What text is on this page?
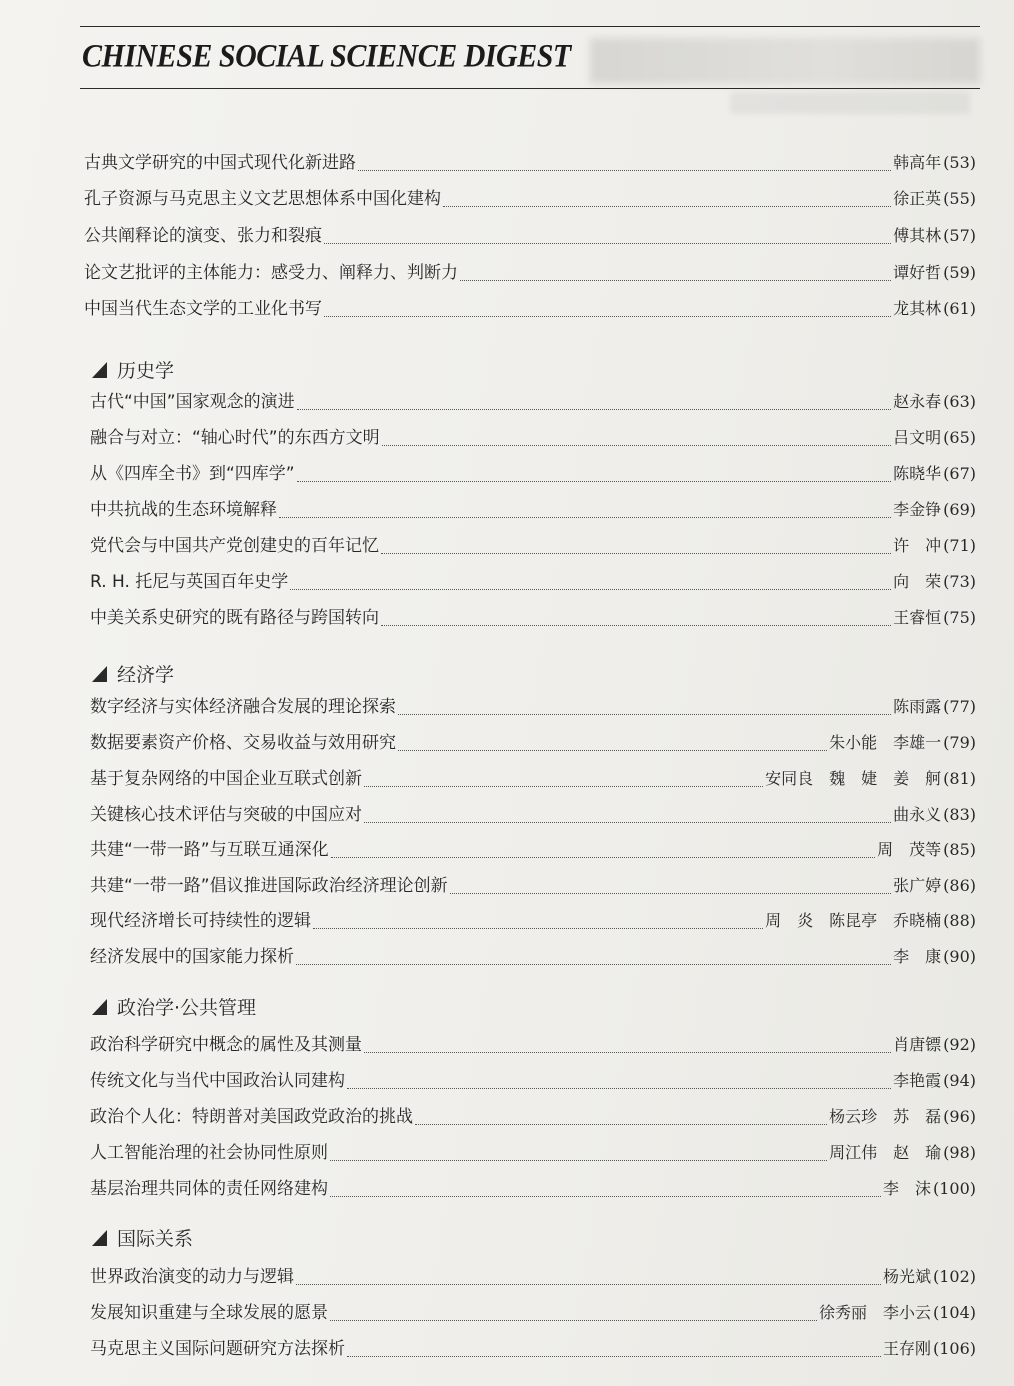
CHINESE SOCIAL SCIENCE DIGEST
古典文学研究的中国式现代化新进路	韩高年 ( 53 )
孔子资源与马克思主义文艺思想体系中国化建构	徐正英 ( 55 )
公共阐释论的演变、张力和裂痕	傅其林 ( 57 )
论文艺批评的主体能力：感受力、阐释力、判断力	谭好哲 ( 59 )
中国当代生态文学的工业化书写	龙其林 ( 61 )
历史学
古代“中国”国家观念的演进	赵永春 ( 63 )
融合与对立：“轴心时代”的东西方文明	吕文明 ( 65 )
从《四库全书》到“四库学”	陈晓华 ( 67 )
中共抗战的生态环境解释	李金铮 ( 69 )
党代会与中国共产党创建史的百年记忆	许　冲 ( 71 )
R. H. 托尼与英国百年史学	向　荣 ( 73 )
中美关系史研究的既有路径与跨国转向	王睿恒 ( 75 )
经济学
数字经济与实体经济融合发展的理论探索	陈雨露 ( 77 )
数据要素资产价格、交易收益与效用研究	朱小能　李雄一 ( 79 )
基于复杂网络的中国企业互联式创新	安同良　魏　婕　姜　舸 ( 81 )
关键核心技术评估与突破的中国应对	曲永义 ( 83 )
共建“一带一路”与互联互通深化	周　茂等 ( 85 )
共建“一带一路”倡议推进国际政治经济理论创新	张广婷 ( 86 )
现代经济增长可持续性的逻辑	周　炎　陈昆亭　乔晓楠 ( 88 )
经济发展中的国家能力探析	李　康 ( 90 )
政治学·公共管理
政治科学研究中概念的属性及其测量	肖唐镖 ( 92 )
传统文化与当代中国政治认同建构	李艳霞 ( 94 )
政治个人化：特朗普对美国政党政治的挑战	杨云珍　苏　磊 ( 96 )
人工智能治理的社会协同性原则	周江伟　赵　瑜 ( 98 )
基层治理共同体的责任网络建构	李　沫 ( 100 )
国际关系
世界政治演变的动力与逻辑	杨光斌 ( 102 )
发展知识重建与全球发展的愿景	徐秀丽　李小云 ( 104 )
马克思主义国际问题研究方法探析	王存刚 ( 106 )
